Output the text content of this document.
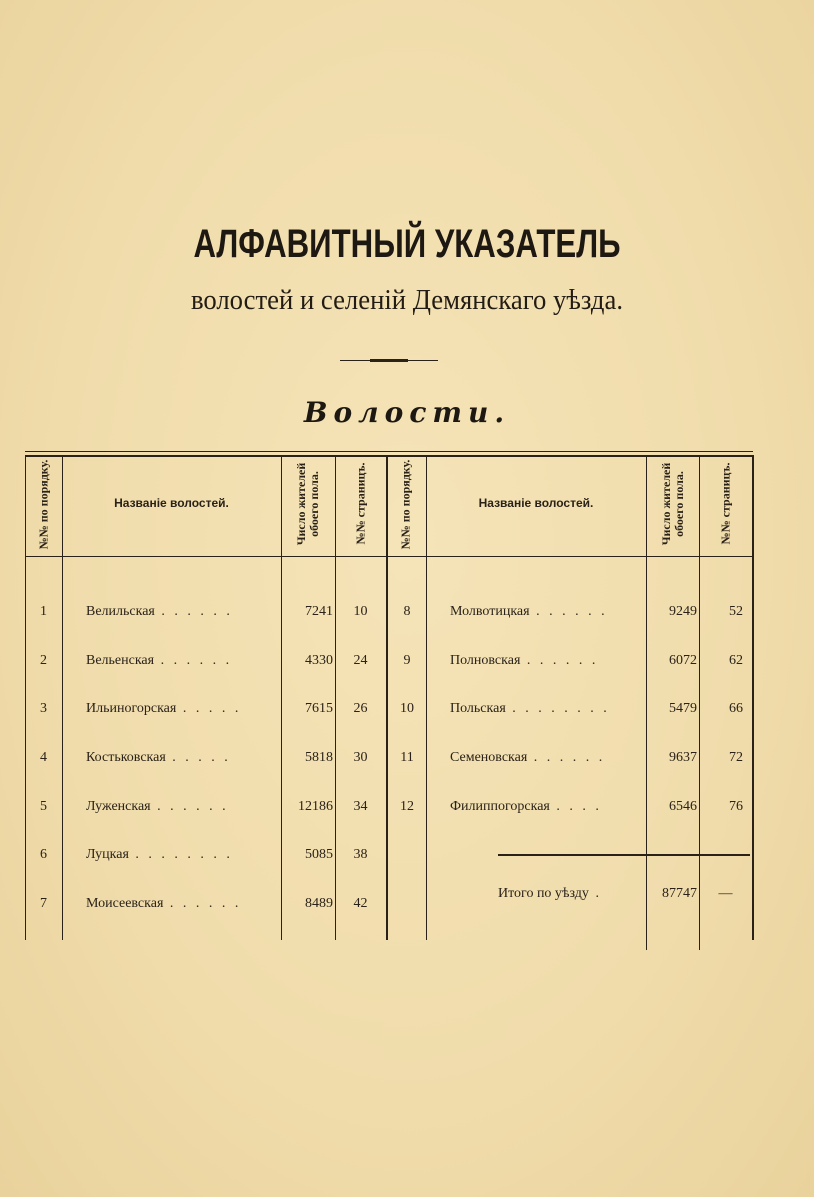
АЛФАВИТНЫЙ УКАЗАТЕЛЬ
волостей и селеній Демянскаго уѣзда.
Волости.
№№ по порядку.	Названіе волостей.	Число жителей обоего пола.	№№ страницъ.	№№ по порядку.	Названіе волостей.	Число жителей обоего пола.	№№ страницъ.
1	Велильская . . . . . .	7241	10
2	Вельенская . . . . . .	4330	24
3	Ильиногорская . . . . .	7615	26
4	Костьковская . . . . .	5818	30
5	Луженская . . . . . .	12186	34
6	Луцкая . . . . . . . .	5085	38
7	Моисеевская . . . . . .	8489	42
8	Молвотицкая . . . . . .	9249	52
9	Полновская . . . . . .	6072	62
10	Польская . . . . . . . .	5479	66
11	Семеновская . . . . . .	9637	72
12	Филиппогорская . . . .	6546	76
Итого по уѣзду .	87747	—
